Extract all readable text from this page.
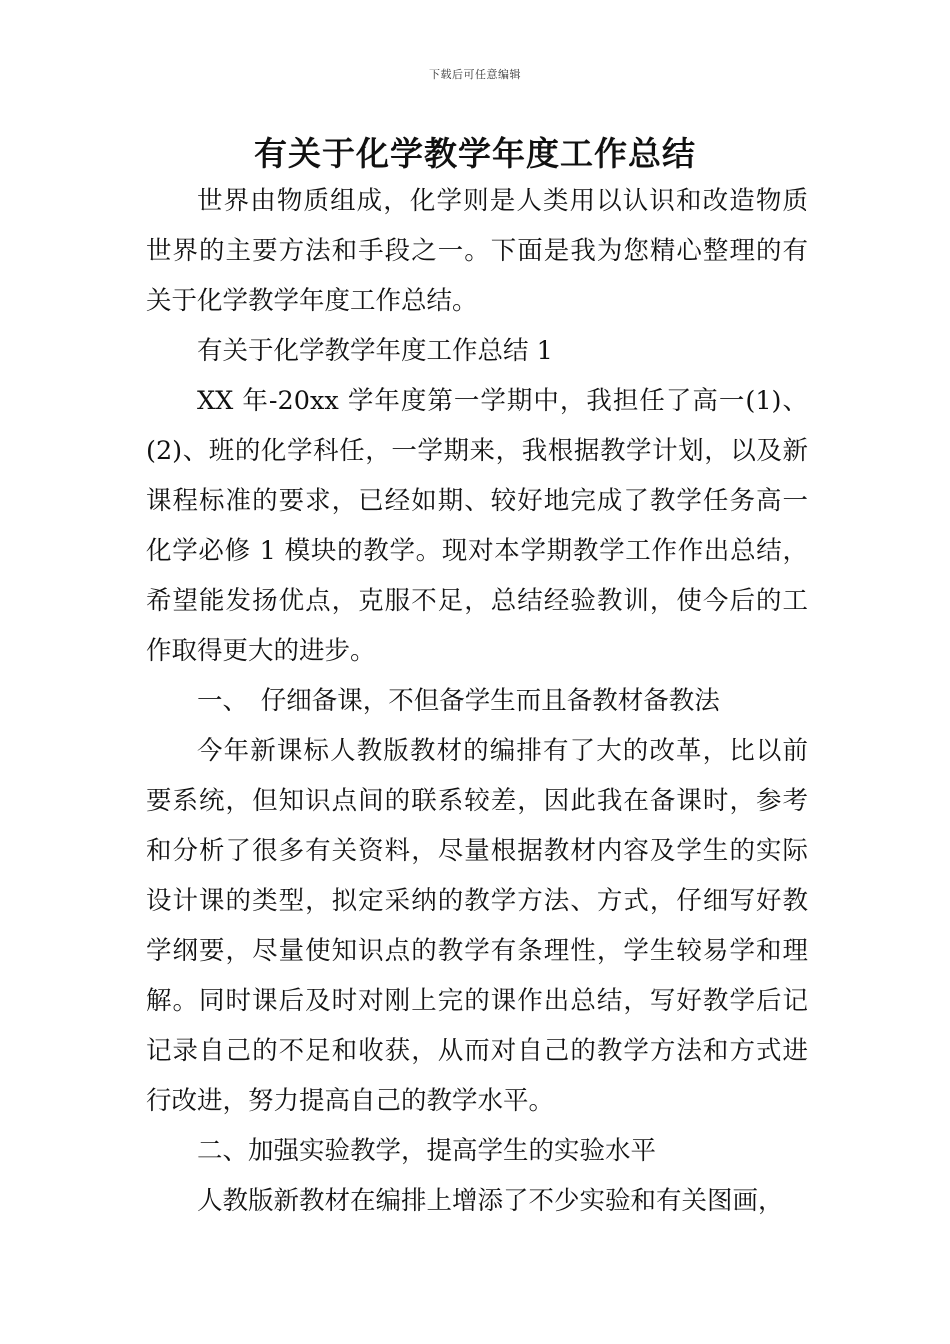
下载后可任意编辑
有关于化学教学年度工作总结

世界由物质组成，化学则是人类用以认识和改造物质世界的主要方法和手段之一。下面是我为您精心整理的有关于化学教学年度工作总结。

有关于化学教学年度工作总结 1

XX 年-20xx 学年度第一学期中，我担任了高一(1)、(2)、班的化学科任，一学期来，我根据教学计划，以及新课程标准的要求，已经如期、较好地完成了教学任务高一化学必修 1 模块的教学。现对本学期教学工作作出总结，希望能发扬优点，克服不足，总结经验教训，使今后的工作取得更大的进步。

一、　仔细备课，不但备学生而且备教材备教法

今年新课标人教版教材的编排有了大的改革，比以前要系统，但知识点间的联系较差，因此我在备课时，参考和分析了很多有关资料，尽量根据教材内容及学生的实际设计课的类型，拟定采纳的教学方法、方式，仔细写好教学纲要，尽量使知识点的教学有条理性，学生较易学和理解。同时课后及时对刚上完的课作出总结，写好教学后记记录自己的不足和收获，从而对自己的教学方法和方式进行改进，努力提高自己的教学水平。

二、加强实验教学，提高学生的实验水平

人教版新教材在编排上增添了不少实验和有关图画，
